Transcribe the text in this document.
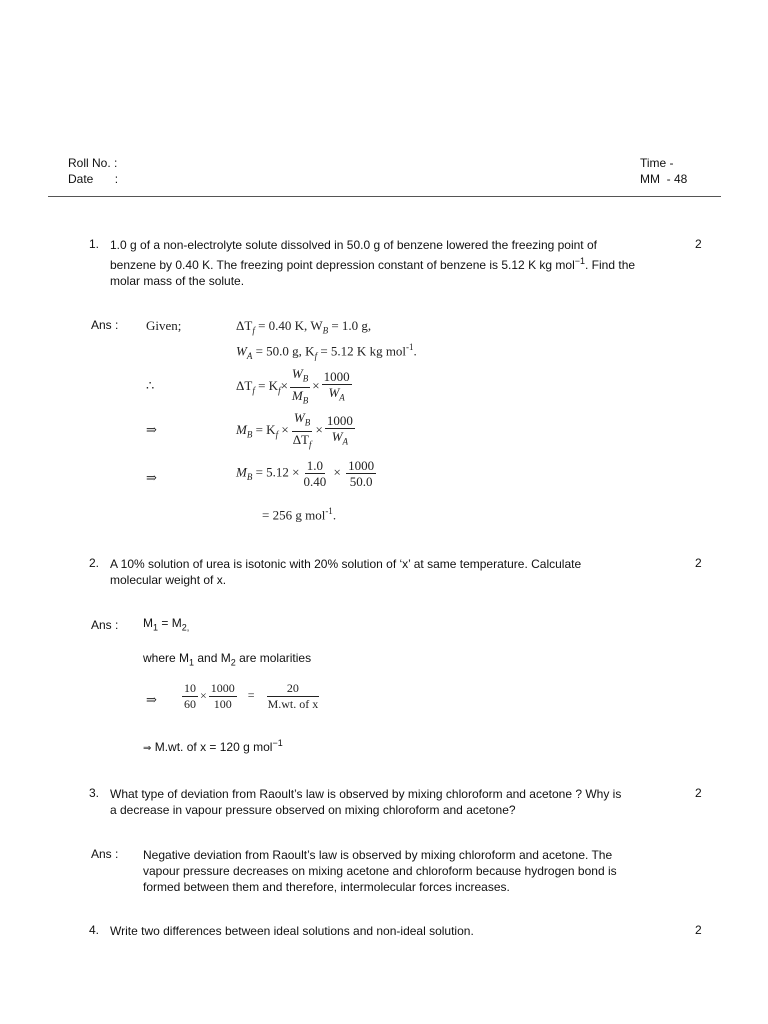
Roll No. :
Date :
Time -
MM  - 48
1. 1.0 g of a non-electrolyte solute dissolved in 50.0 g of benzene lowered the freezing point of
benzene by 0.40 K. The freezing point depression constant of benzene is 5.12 K kg mol$^{-1}$. Find the
molar mass of the solute.
2
Ans : Given;	$\Delta T_f = 0.40$ K, $W_B = 1.0$ g,
$W_A = 50.0$ g, $K_f = 5.12$ K kg mol$^{-1}$.
∴	$\Delta T_f = K_f\times \frac{W_B}{M_B} \times \frac{1000}{W_A}$
⇒	$M_B = K_f \times \frac{W_B}{\Delta T_f} \times \frac{1000}{W_A}$
⇒	$M_B = 5.12 \times \frac{1.0}{0.40} \times \frac{1000}{50.0}$
= 256 g mol$^{-1}$.
2. A 10% solution of urea is isotonic with 20% solution of ‘x’ at same temperature. Calculate
molecular weight of x.
2
Ans : $M_1 = M_{2,}$
where $M_1$ and $M_2$ are molarities
⇒ $\frac{10}{60} \times \frac{1000}{100} = \frac{20}{\text{M.wt. of x}}$
⇒ M.wt. of x = 120 g mol$^{-1}$
3. What type of deviation from Raoult’s law is observed by mixing chloroform and acetone ? Why is
a decrease in vapour pressure observed on mixing chloroform and acetone?
2
Ans : Negative deviation from Raoult’s law is observed by mixing chloroform and acetone. The
vapour pressure decreases on mixing acetone and chloroform because hydrogen bond is
formed between them and therefore, intermolecular forces increases.
4. Write two differences between ideal solutions and non-ideal solution.	2
